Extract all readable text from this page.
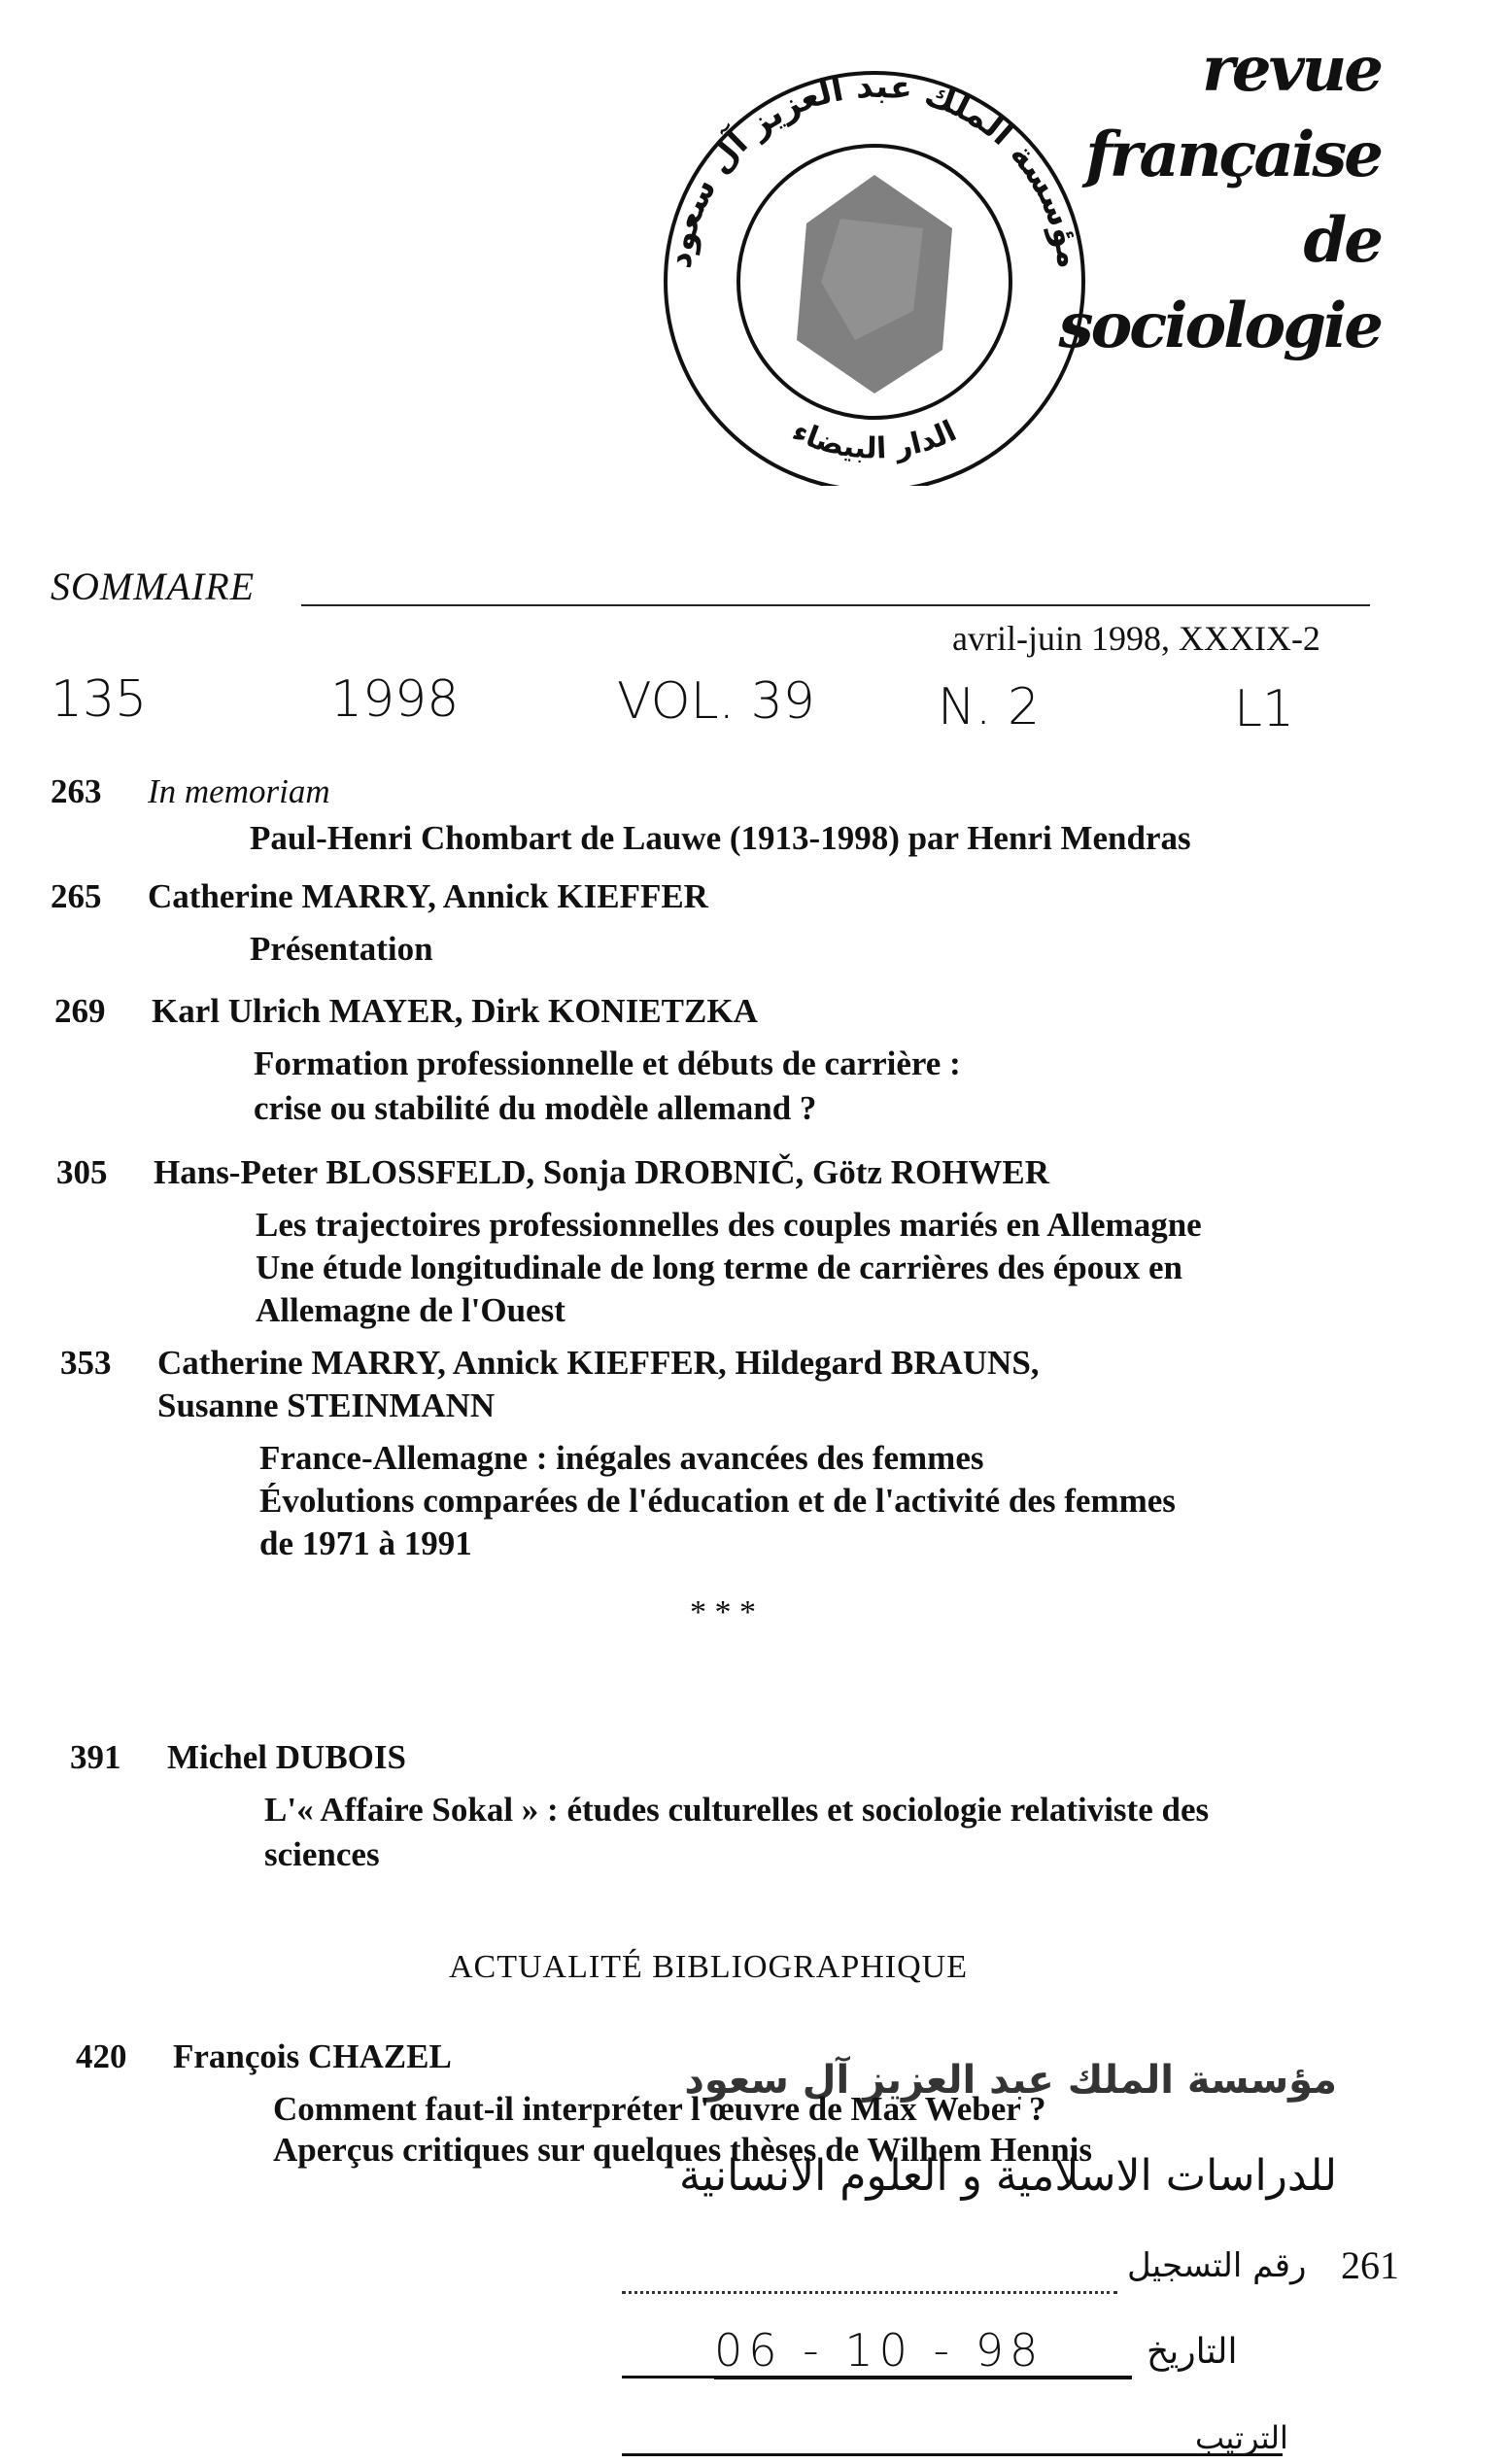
revue
française
de
sociologie
مؤسسة الملك عبد العزيز آل سعود
الدار البيضاء
SOMMAIRE
avril-juin 1998, XXXIX-2
135	1998	VOL. 39 N. 2	L1
263 In memoriam
Paul-Henri Chombart de Lauwe (1913-1998) par Henri Mendras
265 Catherine MARRY, Annick KIEFFER
Présentation
269 Karl Ulrich MAYER, Dirk KONIETZKA
Formation professionnelle et débuts de carrière :
crise ou stabilité du modèle allemand ?
305 Hans-Peter BLOSSFELD, Sonja DROBNIČ, Götz ROHWER
Les trajectoires professionnelles des couples mariés en Allemagne
Une étude longitudinale de long terme de carrières des époux en
Allemagne de l'Ouest
353 Catherine MARRY, Annick KIEFFER, Hildegard BRAUNS,
Susanne STEINMANN
France-Allemagne : inégales avancées des femmes
Évolutions comparées de l'éducation et de l'activité des femmes
de 1971 à 1991
* * *
391 Michel DUBOIS
L'« Affaire Sokal » : études culturelles et sociologie relativiste des
sciences
ACTUALITÉ BIBLIOGRAPHIQUE
420 François CHAZEL
Comment faut-il interpréter l'œuvre de Max Weber ?
Aperçus critiques sur quelques thèses de Wilhem Hennis
مؤسسة الملك عبد العزيز آل سعود
للدراسات الاسلامية و العلوم الانسانية
رقم التسجيل 261
06 - 10 - 98	التاريخ
الترتيب
